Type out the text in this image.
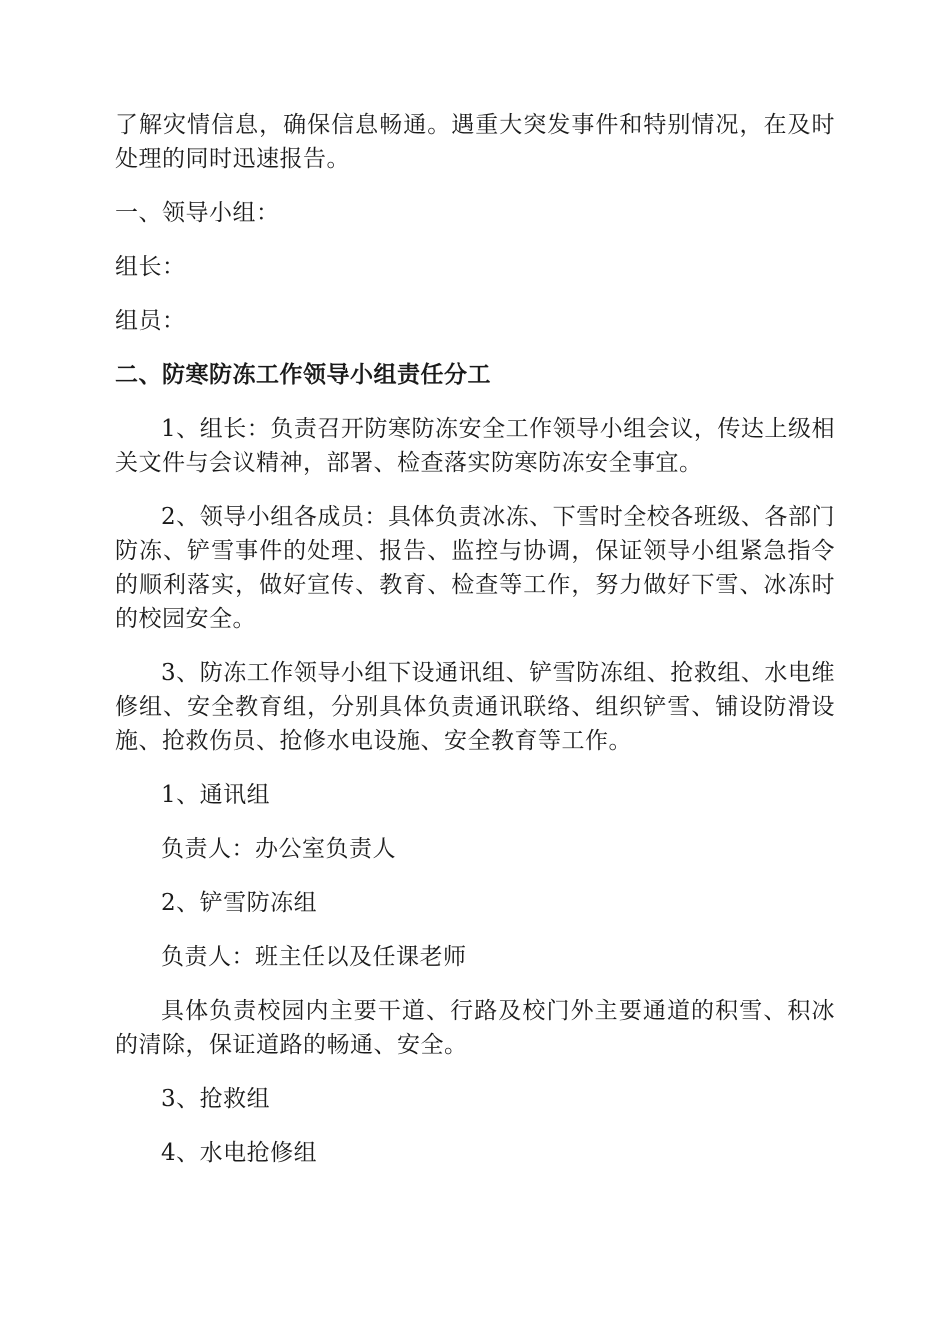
了解灾情信息，确保信息畅通。遇重大突发事件和特别情况，在及时处理的同时迅速报告。

一、领导小组：

组长：

组员：

二、防寒防冻工作领导小组责任分工

1、组长：负责召开防寒防冻安全工作领导小组会议，传达上级相关文件与会议精神，部署、检查落实防寒防冻安全事宜。

2、领导小组各成员：具体负责冰冻、下雪时全校各班级、各部门防冻、铲雪事件的处理、报告、监控与协调，保证领导小组紧急指令的顺利落实，做好宣传、教育、检查等工作，努力做好下雪、冰冻时的校园安全。

3、防冻工作领导小组下设通讯组、铲雪防冻组、抢救组、水电维修组、安全教育组，分别具体负责通讯联络、组织铲雪、铺设防滑设施、抢救伤员、抢修水电设施、安全教育等工作。

1、通讯组

负责人：办公室负责人

2、铲雪防冻组

负责人：班主任以及任课老师

具体负责校园内主要干道、行路及校门外主要通道的积雪、积冰的清除，保证道路的畅通、安全。

3、抢救组

4、水电抢修组
